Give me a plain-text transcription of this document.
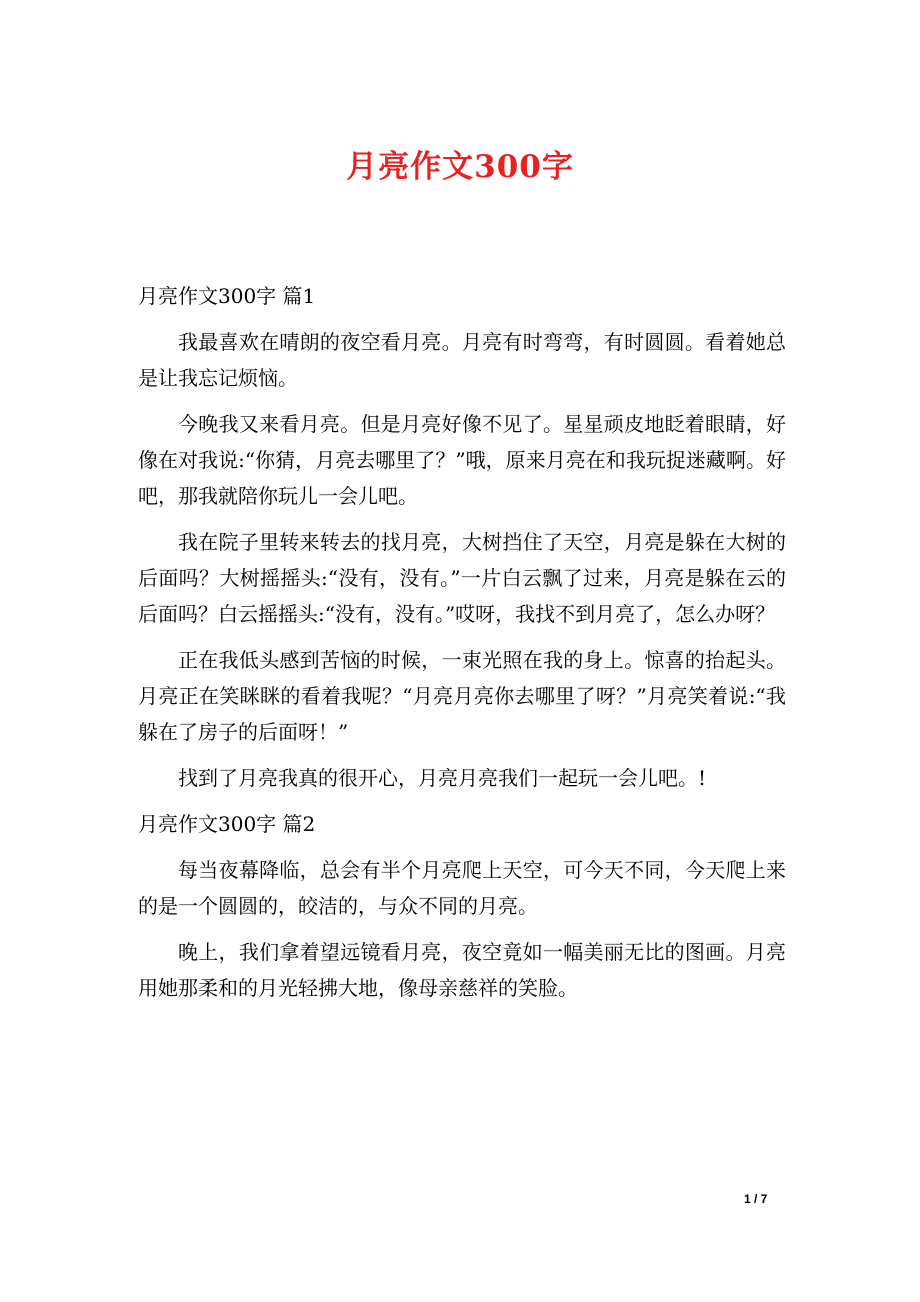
月亮作文300字
月亮作文300字 篇1

我最喜欢在晴朗的夜空看月亮。月亮有时弯弯，有时圆圆。看着她总是让我忘记烦恼。

今晚我又来看月亮。但是月亮好像不见了。星星顽皮地眨着眼睛，好像在对我说:“你猜，月亮去哪里了？”哦，原来月亮在和我玩捉迷藏啊。好吧，那我就陪你玩儿一会儿吧。

我在院子里转来转去的找月亮，大树挡住了天空，月亮是躲在大树的后面吗？大树摇摇头:“没有，没有。”一片白云飘了过来，月亮是躲在云的后面吗？白云摇摇头:“没有，没有。”哎呀，我找不到月亮了，怎么办呀？

正在我低头感到苦恼的时候，一束光照在我的身上。惊喜的抬起头。月亮正在笑眯眯的看着我呢？“月亮月亮你去哪里了呀？”月亮笑着说:“我躲在了房子的后面呀！”

找到了月亮我真的很开心，月亮月亮我们一起玩一会儿吧。!

月亮作文300字 篇2

每当夜幕降临，总会有半个月亮爬上天空，可今天不同，今天爬上来的是一个圆圆的，皎洁的，与众不同的月亮。

晚上，我们拿着望远镜看月亮，夜空竟如一幅美丽无比的图画。月亮用她那柔和的月光轻拂大地，像母亲慈祥的笑脸。

1 / 7
